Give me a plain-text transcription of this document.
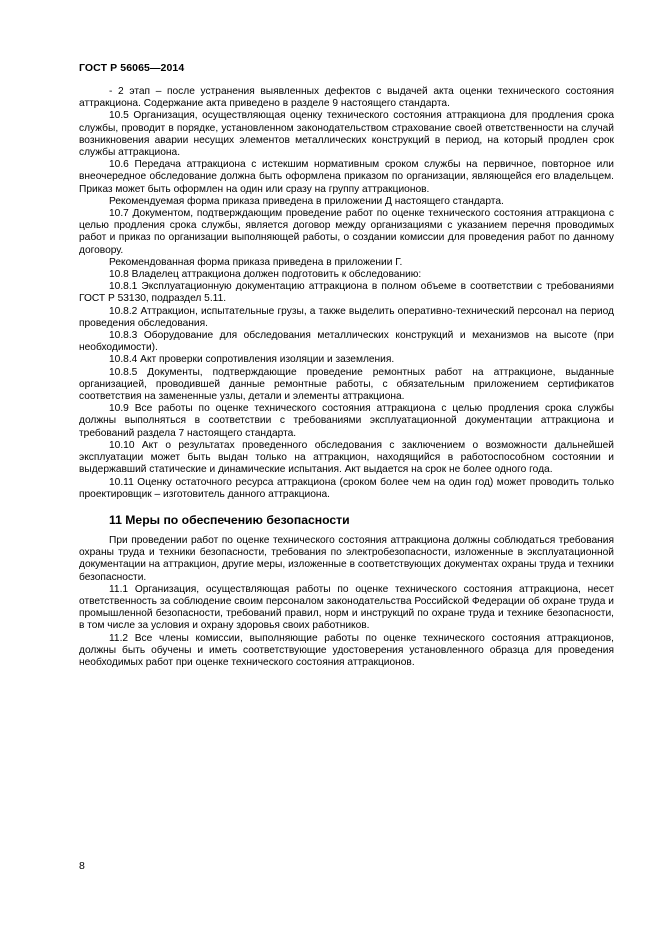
ГОСТ Р 56065—2014

- 2 этап – после устранения выявленных дефектов с выдачей акта оценки технического состояния аттракциона. Содержание акта приведено в разделе 9 настоящего стандарта.

10.5 Организация, осуществляющая оценку технического состояния аттракциона для продления срока службы, проводит в порядке, установленном законодательством страхование своей ответственности на случай возникновения аварии несущих элементов металлических конструкций в период, на который продлен срок службы аттракциона.

10.6 Передача аттракциона с истекшим нормативным сроком службы на первичное, повторное или внеочередное обследование должна быть оформлена приказом по организации, являющейся его владельцем. Приказ может быть оформлен на один или сразу на группу аттракционов.

Рекомендуемая форма приказа приведена в приложении Д настоящего стандарта.

10.7 Документом, подтверждающим проведение работ по оценке технического состояния аттракциона с целью продления срока службы, является договор между организациями с указанием перечня проводимых работ и приказ по организации выполняющей работы, о создании комиссии для проведения работ по данному договору.

Рекомендованная форма приказа приведена в приложении Г.

10.8 Владелец аттракциона должен подготовить к обследованию:

10.8.1 Эксплуатационную документацию аттракциона в полном объеме в соответствии с требованиями ГОСТ Р 53130, подраздел 5.11.

10.8.2 Аттракцион, испытательные грузы, а также выделить оперативно-технический персонал на период проведения обследования.

10.8.3 Оборудование для обследования металлических конструкций и механизмов на высоте (при необходимости).

10.8.4 Акт проверки сопротивления изоляции и заземления.

10.8.5 Документы, подтверждающие проведение ремонтных работ на аттракционе, выданные организацией, проводившей данные ремонтные работы, с обязательным приложением сертификатов соответствия на замененные узлы, детали и элементы аттракциона.

10.9 Все работы по оценке технического состояния аттракциона с целью продления срока службы должны выполняться в соответствии с требованиями эксплуатационной документации аттракциона и требований раздела 7 настоящего стандарта.

10.10 Акт о результатах проведенного обследования с заключением о возможности дальнейшей эксплуатации может быть выдан только на аттракцион, находящийся в работоспособном состоянии и выдержавший статические и динамические испытания. Акт выдается на срок не более одного года.

10.11 Оценку остаточного ресурса аттракциона (сроком более чем на один год) может проводить только проектировщик – изготовитель данного аттракциона.

11 Меры по обеспечению безопасности

При проведении работ по оценке технического состояния аттракциона должны соблюдаться требования охраны труда и техники безопасности, требования по электробезопасности, изложенные в эксплуатационной документации на аттракцион, другие меры, изложенные в соответствующих документах охраны труда и техники безопасности.

11.1 Организация, осуществляющая работы по оценке технического состояния аттракциона, несет ответственность за соблюдение своим персоналом законодательства Российской Федерации об охране труда и промышленной безопасности, требований правил, норм и инструкций по охране труда и технике безопасности, в том числе за условия и охрану здоровья своих работников.

11.2 Все члены комиссии, выполняющие работы по оценке технического состояния аттракционов, должны быть обучены и иметь соответствующие удостоверения установленного образца для проведения необходимых работ при оценке технического состояния аттракционов.

8
